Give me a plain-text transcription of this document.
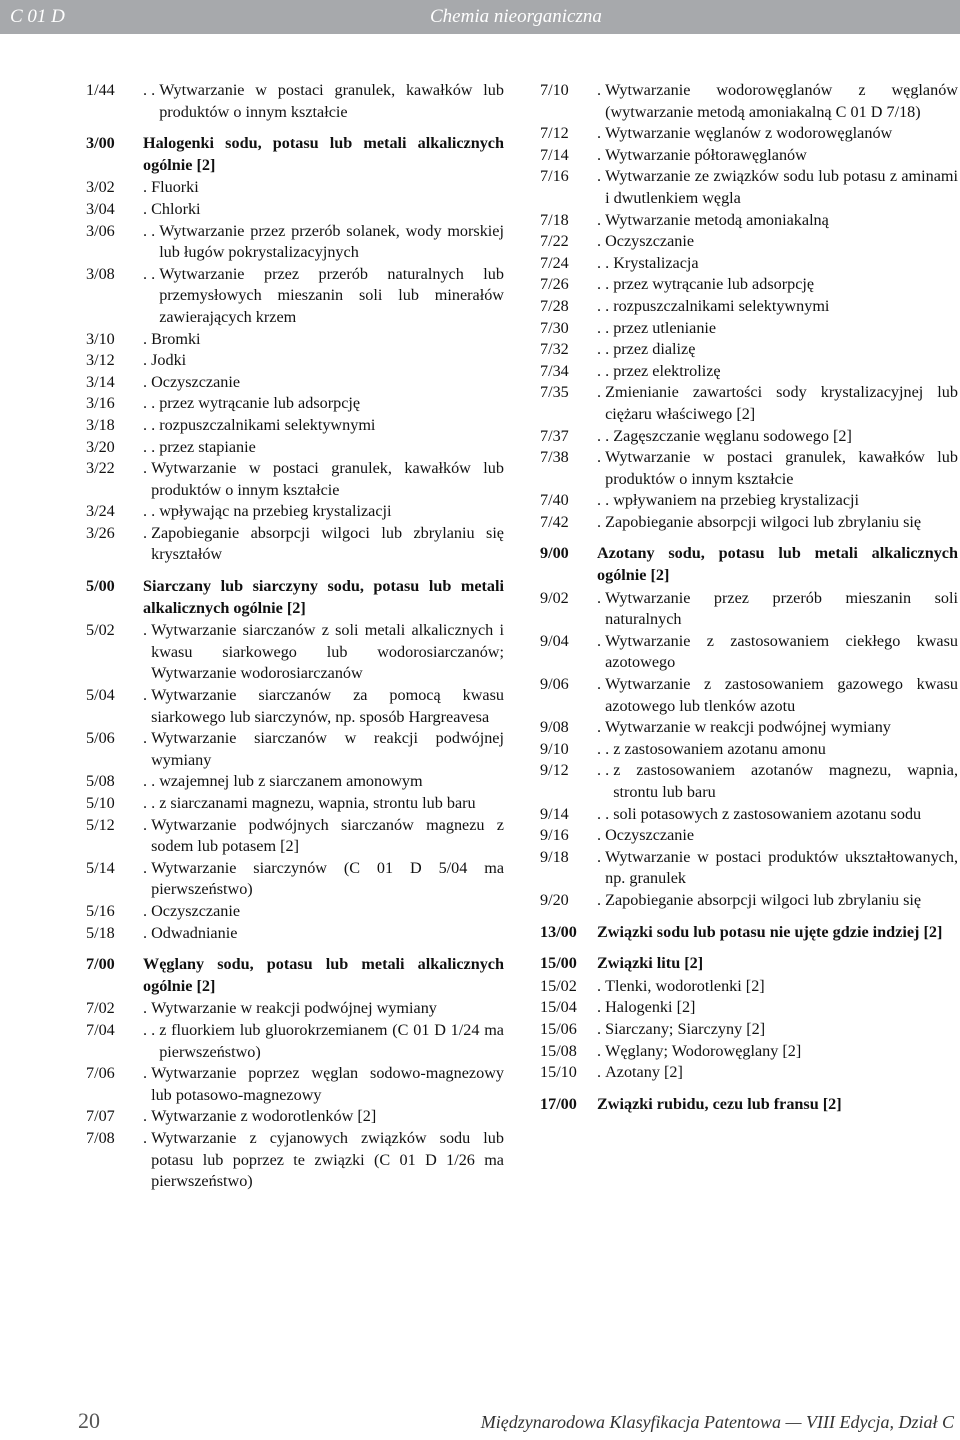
C 01 D	Chemia nieorganiczna
1/44	. . Wytwarzanie w postaci granulek, kawałków lub produktów o innym kształcie
3/00	Halogenki sodu, potasu lub metali alkalicznych ogólnie [2]
3/02	. Fluorki
3/04	. Chlorki
3/06	. . Wytwarzanie przez przerób solanek, wody morskiej lub ługów pokrystalizacyjnych
3/08	. . Wytwarzanie przez przerób naturalnych lub przemysłowych mieszanin soli lub minerałów zawierających krzem
3/10	. Bromki
3/12	. Jodki
3/14	. Oczyszczanie
3/16	. . przez wytrącanie lub adsorpcję
3/18	. . rozpuszczalnikami selektywnymi
3/20	. . przez stapianie
3/22	. Wytwarzanie w postaci granulek, kawałków lub produktów o innym kształcie
3/24	. . wpływając na przebieg krystalizacji
3/26	. Zapobieganie absorpcji wilgoci lub zbrylaniu się kryształów
5/00	Siarczany lub siarczyny sodu, potasu lub metali alkalicznych ogólnie [2]
5/02	. Wytwarzanie siarczanów z soli metali alkalicznych i kwasu siarkowego lub wodorosiarczanów; Wytwarzanie wodorosiarczanów
5/04	. Wytwarzanie siarczanów za pomocą kwasu siarkowego lub siarczynów, np. sposób Hargreavesa
5/06	. Wytwarzanie siarczanów w reakcji podwójnej wymiany
5/08	. . wzajemnej lub z siarczanem amonowym
5/10	. . z siarczanami magnezu, wapnia, strontu lub baru
5/12	. Wytwarzanie podwójnych siarczanów magnezu z sodem lub potasem [2]
5/14	. Wytwarzanie siarczynów (C 01 D 5/04 ma pierwszeństwo)
5/16	. Oczyszczanie
5/18	. Odwadnianie
7/00	Węglany sodu, potasu lub metali alkalicznych ogólnie [2]
7/02	. Wytwarzanie w reakcji podwójnej wymiany
7/04	. . z fluorkiem lub gluorokrzemianem (C 01 D 1/24 ma pierwszeństwo)
7/06	. Wytwarzanie poprzez węglan sodowo-magnezowy lub potasowo-magnezowy
7/07	. Wytwarzanie z wodorotlenków [2]
7/08	. Wytwarzanie z cyjanowych związków sodu lub potasu lub poprzez te związki (C 01 D 1/26 ma pierwszeństwo)
7/10	. Wytwarzanie wodorowęglanów z węglanów (wytwarzanie metodą amoniakalną C 01 D 7/18)
7/12	. Wytwarzanie węglanów z wodorowęglanów
7/14	. Wytwarzanie półtorawęglanów
7/16	. Wytwarzanie ze związków sodu lub potasu z aminami i dwutlenkiem węgla
7/18	. Wytwarzanie metodą amoniakalną
7/22	. Oczyszczanie
7/24	. . Krystalizacja
7/26	. . przez wytrącanie lub adsorpcję
7/28	. . rozpuszczalnikami selektywnymi
7/30	. . przez utlenianie
7/32	. . przez dializę
7/34	. . przez elektrolizę
7/35	. Zmienianie zawartości sody krystalizacyjnej lub ciężaru właściwego [2]
7/37	. . Zagęszczanie węglanu sodowego [2]
7/38	. Wytwarzanie w postaci granulek, kawałków lub produktów o innym kształcie
7/40	. . wpływaniem na przebieg krystalizacji
7/42	. Zapobieganie absorpcji wilgoci lub zbrylaniu się
9/00	Azotany sodu, potasu lub metali alkalicznych ogólnie [2]
9/02	. Wytwarzanie przez przerób mieszanin soli naturalnych
9/04	. Wytwarzanie z zastosowaniem ciekłego kwasu azotowego
9/06	. Wytwarzanie z zastosowaniem gazowego kwasu azotowego lub tlenków azotu
9/08	. Wytwarzanie w reakcji podwójnej wymiany
9/10	. . z zastosowaniem azotanu amonu
9/12	. . z zastosowaniem azotanów magnezu, wapnia, strontu lub baru
9/14	. . soli potasowych z zastosowaniem azotanu sodu
9/16	. Oczyszczanie
9/18	. Wytwarzanie w postaci produktów ukształtowanych, np. granulek
9/20	. Zapobieganie absorpcji wilgoci lub zbrylaniu się
13/00	Związki sodu lub potasu nie ujęte gdzie indziej [2]
15/00	Związki litu [2]
15/02	. Tlenki, wodorotlenki [2]
15/04	. Halogenki [2]
15/06	. Siarczany; Siarczyny [2]
15/08	. Węglany; Wodorowęglany [2]
15/10	. Azotany [2]
17/00	Związki rubidu, cezu lub fransu [2]
20	Międzynarodowa Klasyfikacja Patentowa — VIII Edycja, Dział C
